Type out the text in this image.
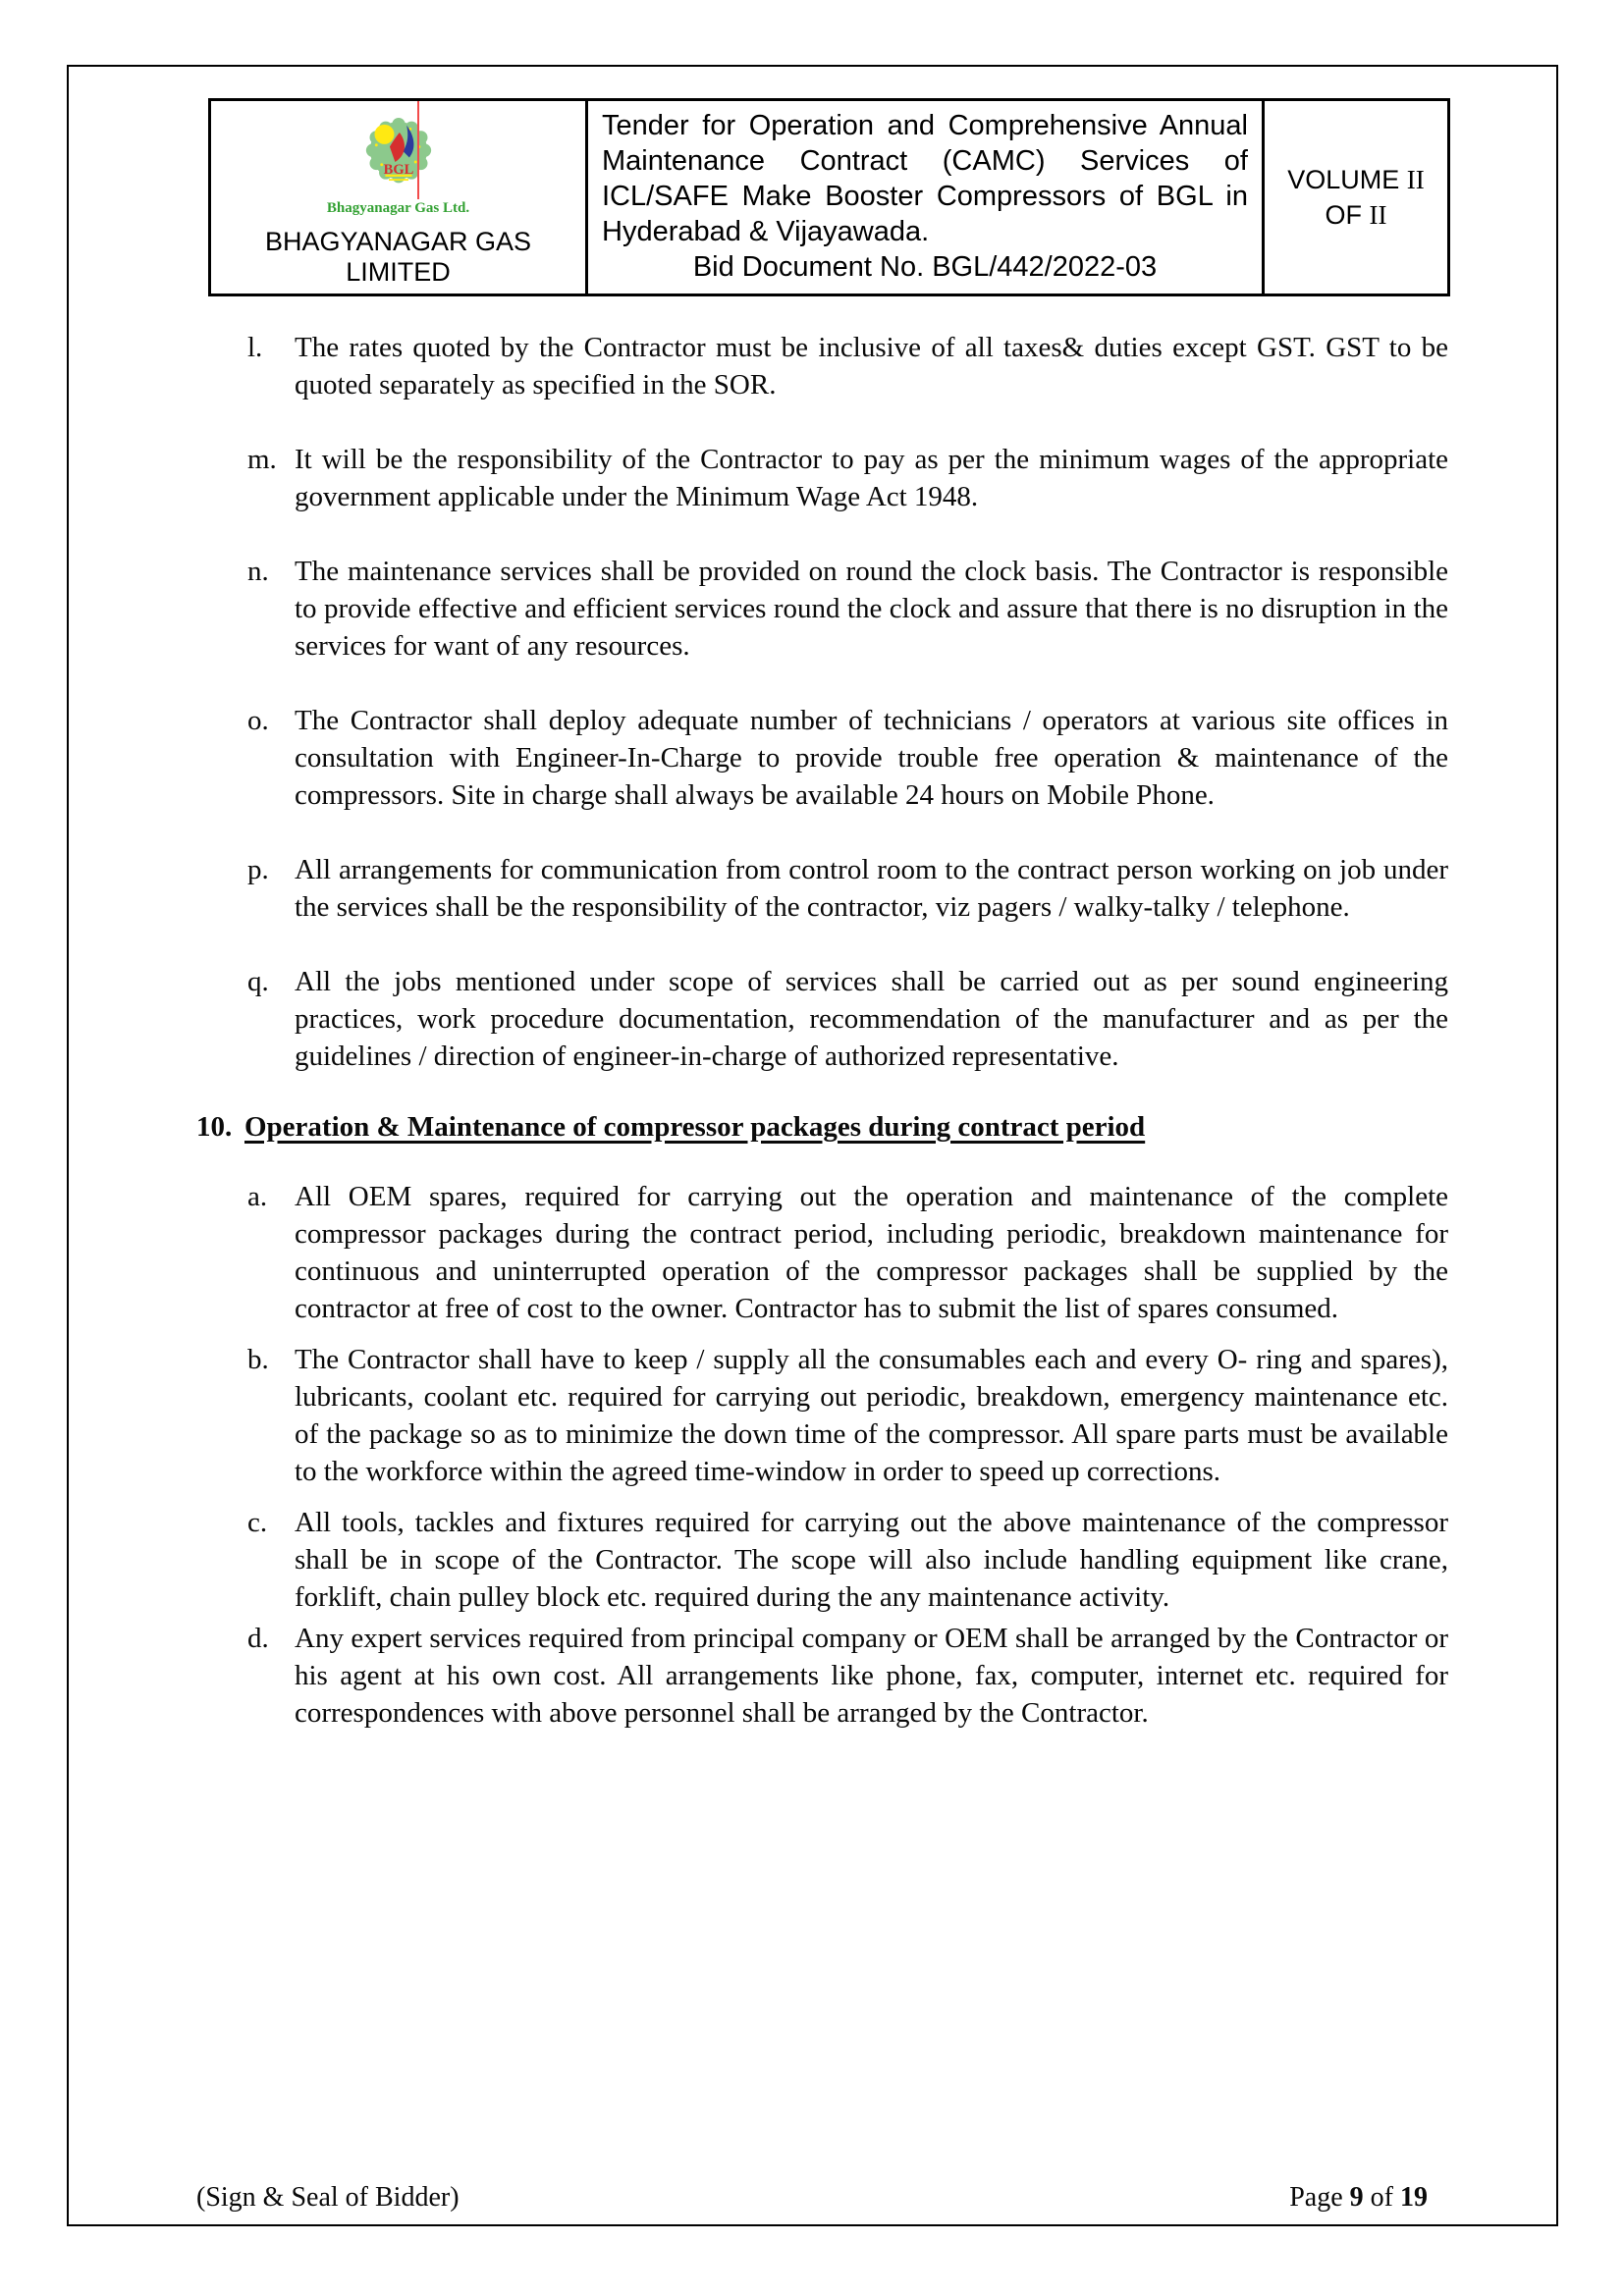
BGL
Bhagyanagar Gas Ltd.
BHAGYANAGAR GAS
LIMITED
Tender for Operation and Comprehensive Annual Maintenance Contract (CAMC) Services of ICL/SAFE Make Booster Compressors of BGL in Hyderabad & Vijayawada.
Bid Document No. BGL/442/2022-03
VOLUME II
OF II
l.	The rates quoted by the Contractor must be inclusive of all taxes& duties except GST. GST to be quoted separately as specified in the SOR.
m. It will be the responsibility of the Contractor to pay as per the minimum wages of the appropriate government applicable under the Minimum Wage Act 1948.
n. The maintenance services shall be provided on round the clock basis. The Contractor is responsible to provide effective and efficient services round the clock and assure that there is no disruption in the services for want of any resources.
o. The Contractor shall deploy adequate number of technicians / operators at various site offices in consultation with Engineer-In-Charge to provide trouble free operation & maintenance of the compressors. Site in charge shall always be available 24 hours on Mobile Phone.
p. All arrangements for communication from control room to the contract person working on job under the services shall be the responsibility of the contractor, viz pagers / walky-talky / telephone.
q. All the jobs mentioned under scope of services shall be carried out as per sound engineering practices, work procedure documentation, recommendation of the manufacturer and as per the guidelines / direction of engineer-in-charge of authorized representative.
10. Operation & Maintenance of compressor packages during contract period
a. All OEM spares, required for carrying out the operation and maintenance of the complete compressor packages during the contract period, including periodic, breakdown maintenance for continuous and uninterrupted operation of the compressor packages shall be supplied by the contractor at free of cost to the owner. Contractor has to submit the list of spares consumed.
b. The Contractor shall have to keep / supply all the consumables each and every O- ring and spares), lubricants, coolant etc. required for carrying out periodic, breakdown, emergency maintenance etc. of the package so as to minimize the down time of the compressor. All spare parts must be available to the workforce within the agreed time-window in order to speed up corrections.
c. All tools, tackles and fixtures required for carrying out the above maintenance of the compressor shall be in scope of the Contractor. The scope will also include handling equipment like crane, forklift, chain pulley block etc. required during the any maintenance activity.
d. Any expert services required from principal company or OEM shall be arranged by the Contractor or his agent at his own cost. All arrangements like phone, fax, computer, internet etc. required for correspondences with above personnel shall be arranged by the Contractor.
(Sign & Seal of Bidder)	Page 9 of 19
